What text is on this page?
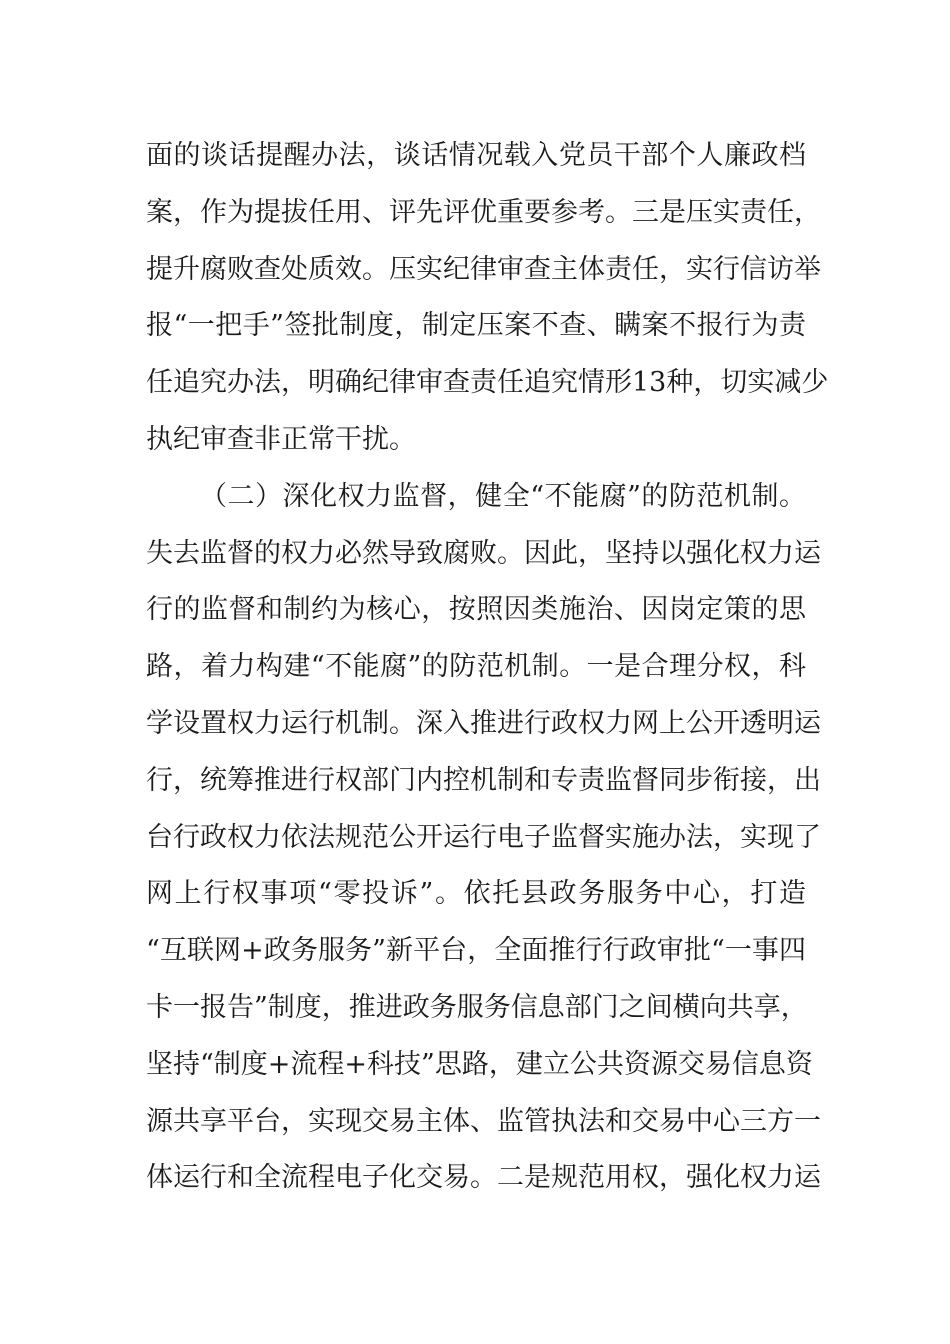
面的谈话提醒办法，谈话情况载入党员干部个人廉政档
案，作为提拔任用、评先评优重要参考。三是压实责任，
提升腐败查处质效。压实纪律审查主体责任，实行信访举
报“一把手”签批制度，制定压案不查、瞒案不报行为责
任追究办法，明确纪律审查责任追究情形13种，切实减少
执纪审查非正常干扰。
（二）深化权力监督，健全“不能腐”的防范机制。
失去监督的权力必然导致腐败。因此，坚持以强化权力运
行的监督和制约为核心，按照因类施治、因岗定策的思
路，着力构建“不能腐”的防范机制。一是合理分权，科
学设置权力运行机制。深入推进行政权力网上公开透明运
行，统筹推进行权部门内控机制和专责监督同步衔接，出
台行政权力依法规范公开运行电子监督实施办法，实现了
网上行权事项“零投诉”。依托县政务服务中心，打造
“互联网+政务服务”新平台，全面推行行政审批“一事四
卡一报告”制度，推进政务服务信息部门之间横向共享，
坚持“制度+流程+科技”思路，建立公共资源交易信息资
源共享平台，实现交易主体、监管执法和交易中心三方一
体运行和全流程电子化交易。二是规范用权，强化权力运
